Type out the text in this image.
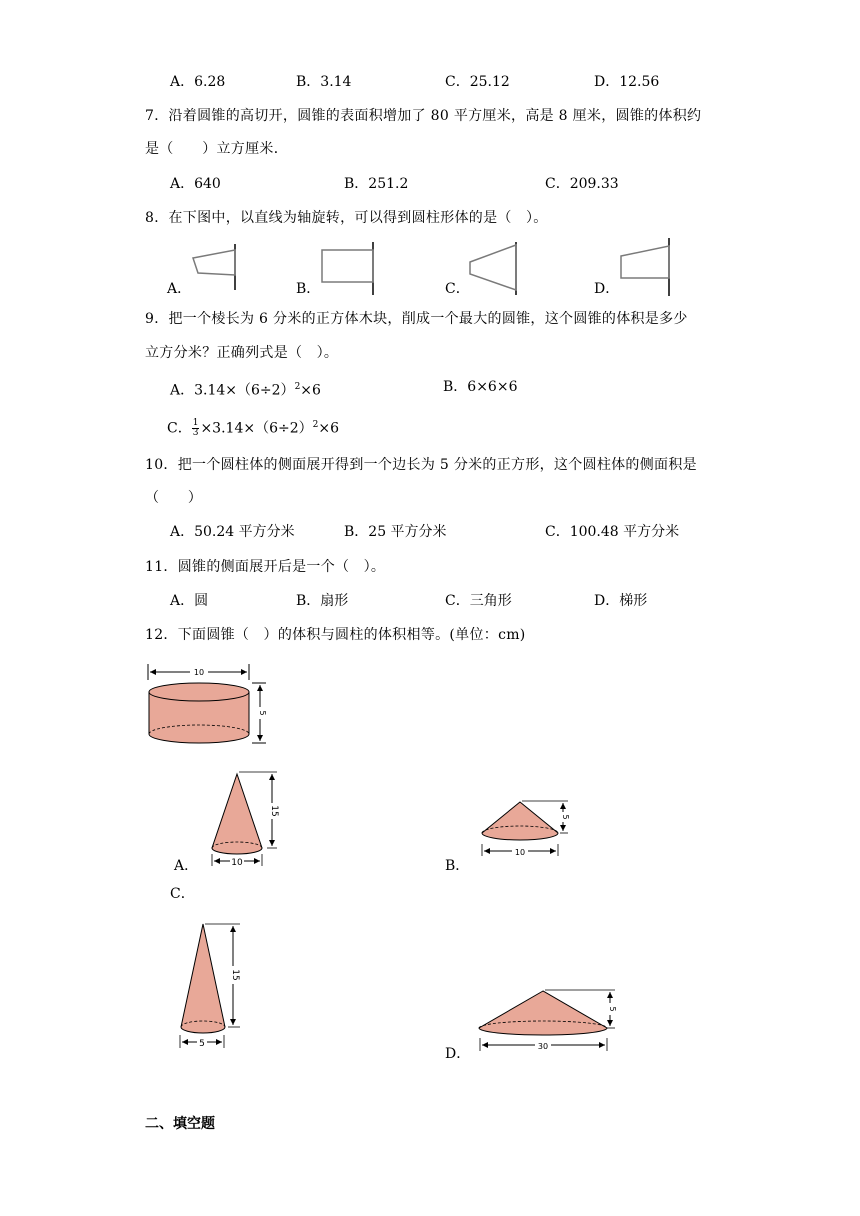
A．6.28	B．3.14	C．25.12	D．12.56
7．沿着圆锥的高切开，圆锥的表面积增加了 80 平方厘米，高是 8 厘米，圆锥的体积约
是（　　）立方厘米．
A．640	B．251.2	C．209.33
8．在下图中，以直线为轴旋转，可以得到圆柱形体的是（　）。
A．	B．	C．	D．
9．把一个棱长为 6 分米的正方体木块，削成一个最大的圆锥，这个圆锥的体积是多少
立方分米？正确列式是（　）。
A．$3.14\times(6\div 2)^2\times 6$	B．6×6×6
C． $\frac{1}{3} \times 3.14\times(6\div 2)^2\times 6$
10．把一个圆柱体的侧面展开得到一个边长为 5 分米的正方形，这个圆柱体的侧面积是
（　　）
A．50.24 平方分米	B．25 平方分米	C．100.48 平方分米
11．圆锥的侧面展开后是一个（　）。
A．圆	B．扇形	C．三角形	D．梯形
12．下面圆锥（　）的体积与圆柱的体积相等。(单位：cm)
10
5
15
10
A．
5
10
B．
C．
15
5
5
30
D．
二、填空题
